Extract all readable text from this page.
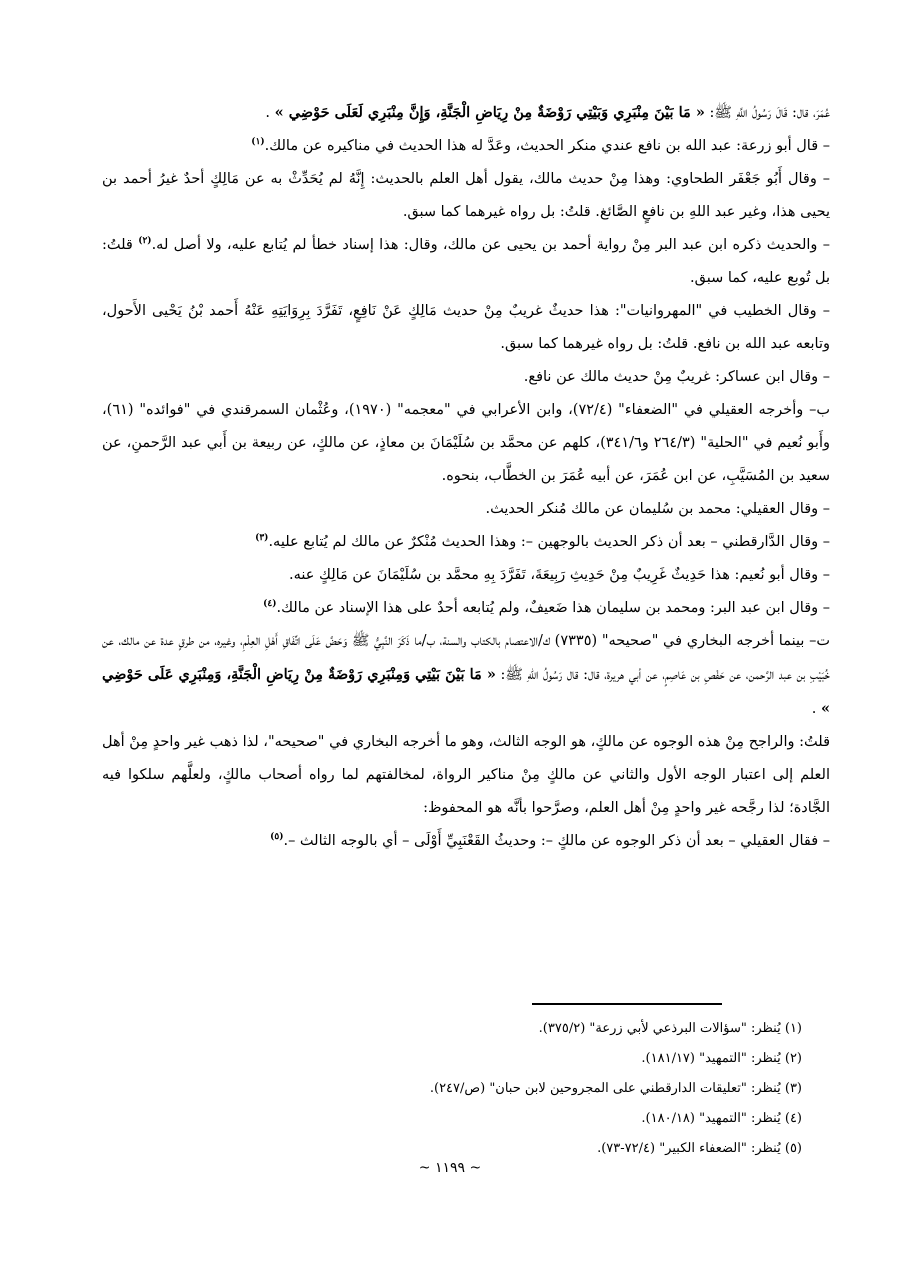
عُمَرَ، قال: قَالَ رَسُولُ اللَّهِ ﷺ: « مَا بَيْنَ مِنْبَرِي وَبَيْتِي رَوْضَةٌ مِنْ رِيَاضِ الْجَنَّةِ، وَإِنَّ مِنْبَرِي لَعَلَى حَوْضِي » .

– قال أبو زرعة: عبد الله بن نافع عندي منكر الحديث، وعَدَّ له هذا الحديث في مناكيره عن مالك.$^{(١)}$

– وقال أَبُو جَعْفَر الطحاوي: وهذا مِنْ حديث مالك، يقول أهل العلم بالحديث: إِنَّهُ لم يُحَدِّثْ به عن مَالِكٍ أحدٌ غيرُ أحمد بن يحيى هذا، وغير عبد اللهِ بن نافعٍ الصَّائغ. قلتُ: بل رواه غيرهما كما سبق.

– والحديث ذكره ابن عبد البر مِنْ رواية أحمد بن يحيى عن مالك، وقال: هذا إسناد خطأ لم يُتابع عليه، ولا أصل له.$^{(٢)}$ قلتُ: بل تُوبع عليه، كما سبق.

– وقال الخطيب في "المهروانيات": هذا حديثٌ غريبٌ مِنْ حديث مَالِكٍ عَنْ نَافِعٍ، تَفَرَّدَ بِرِوَايَتِهِ عَنْهُ أَحمد بْنُ يَحْيى الأَحول، وتابعه عبد الله بن نافع. قلتُ: بل رواه غيرهما كما سبق.

– وقال ابن عساكر: غريبٌ مِنْ حديث مالك عن نافع.

ب– وأخرجه العقيلي في "الضعفاء" (٧٢/٤)، وابن الأعرابي في "معجمه" (١٩٧٠)، وعُثْمان السمرقندي في "فوائده" (٦١)، وأَبو نُعيم في "الحلية" (٢٦٤/٣ و٣٤١/٦)، كلهم عن محمَّد بن سُلَيْمَانَ بن معاذٍ، عن مالكٍ، عن ربيعة بن أَبي عبد الرَّحمنِ، عن سعيد بن المُسَيَّبِ، عن ابن عُمَرَ، عن أبيه عُمَرَ بن الخطَّاب، بنحوه.

– وقال العقيلي: محمد بن سُليمان عن مالك مُنكر الحديث.

– وقال الدَّارقطني – بعد أن ذكر الحديث بالوجهين –: وهذا الحديث مُنْكرٌ عن مالك لم يُتابع عليه.$^{(٣)}$

– وقال أبو نُعيم: هذا حَدِيثٌ غَرِيبٌ مِنْ حَدِيثِ رَبِيعَةَ، تَفَرَّدَ بِهِ محمَّد بن سُلَيْمَانَ عن مَالِكٍ عنه.

– وقال ابن عبد البر: ومحمد بن سليمان هذا ضَعيفٌ، ولم يُتابعه أحدٌ على هذا الإسناد عن مالك.$^{(٤)}$

ت– بينما أخرجه البخاري في "صحيحه" (٧٣٣٥) ك/الاعتصام بالكتاب والسنة، ب/ما ذَكَرَ النَّبِيُّ ﷺ وَحَضَّ عَلَى اتِّفَاقِ أَهْلِ العِلْمِ، وغيره، من طرقٍ عدة عن مالك، عن خُبَيْبِ بن عبد الرَّحمن، عن حَفْصِ بن عَاصِمٍ، عن أبي هريرة، قال: قال رَسُولُ اللهِ ﷺ: « مَا بَيْنَ بَيْتِي وَمِنْبَرِي رَوْضَةٌ مِنْ رِيَاضِ الْجَنَّةِ، وَمِنْبَرِي عَلَى حَوْضِي » .

قلتُ: والراجح مِنْ هذه الوجوه عن مالكٍ، هو الوجه الثالث، وهو ما أخرجه البخاري في "صحيحه"، لذا ذهب غير واحدٍ مِنْ أهل العلم إلى اعتبار الوجه الأول والثاني عن مالكٍ مِنْ مناكير الرواة، لمخالفتهم لما رواه أصحاب مالكٍ، ولعلَّهم سلكوا فيه الجَّادة؛ لذا رجَّحه غير واحدٍ مِنْ أهل العلم، وصرَّحوا بأنَّه هو المحفوظ:

– فقال العقيلي – بعد أن ذكر الوجوه عن مالكٍ –: وحديثُ القَعْنَبِيِّ أَوْلَى – أي بالوجه الثالث –.$^{(٥)}$

(١) يُنظر: "سؤالات البرذعي لأبي زرعة" (٣٧٥/٢).

(٢) يُنظر: "التمهيد" (١٨١/١٧).

(٣) يُنظر: "تعليقات الدارقطني على المجروحين لابن حبان" (ص/٢٤٧).

(٤) يُنظر: "التمهيد" (١٨٠/١٨).

(٥) يُنظر: "الضعفاء الكبير" (٧٢/٤-٧٣).

~ ١١٩٩ ~
